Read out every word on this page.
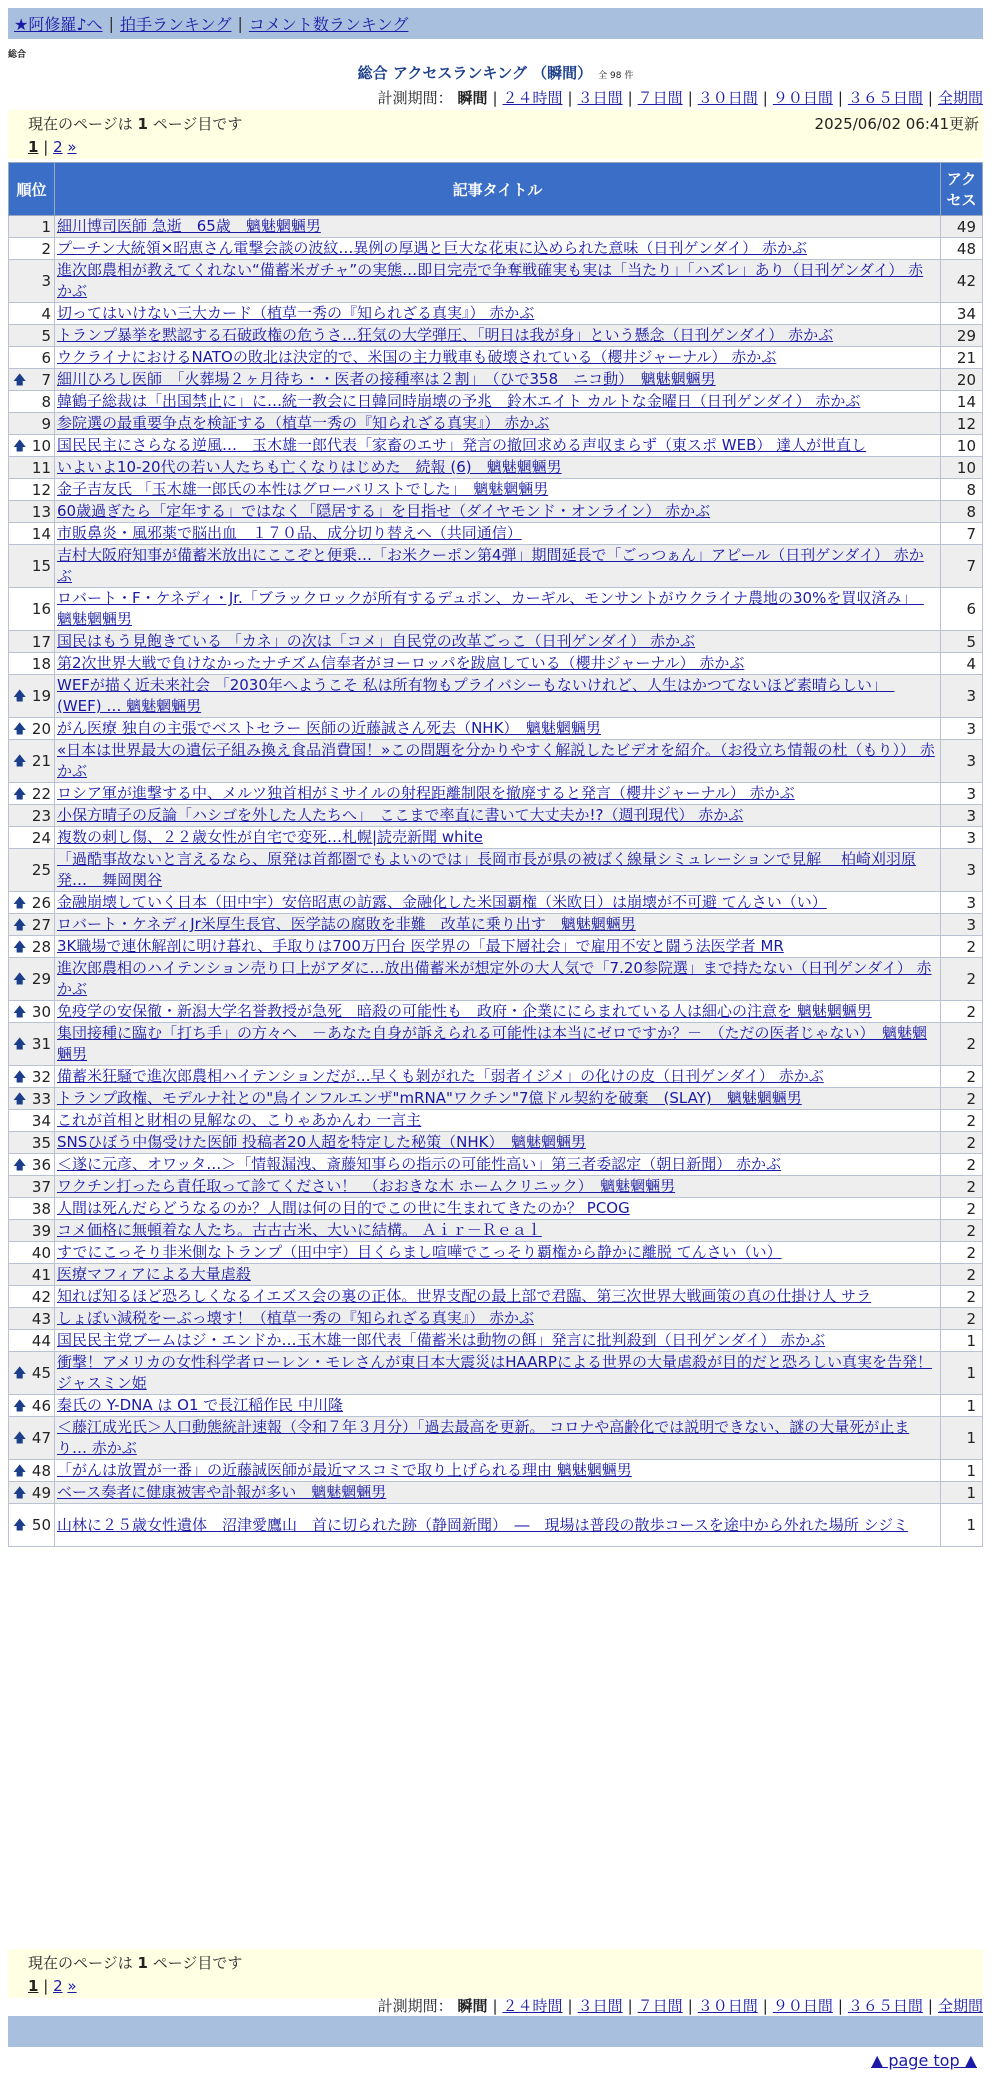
★阿修羅♪へ | 拍手ランキング | コメント数ランキング
総合
総合 アクセスランキング （瞬間） 全 98 件
計測期間： 瞬間 | ２４時間 | ３日間 | ７日間 | ３０日間 | ９０日間 | ３６５日間 | 全期間
現在のページは 1 ページ目です
1 | 2 »
2025/06/02 06:41更新
順位	記事タイトル	アクセス
1	細川博司医師 急逝　65歳　魑魅魍魎男	49
2	プーチン大統領×昭恵さん電撃会談の波紋…異例の厚遇と巨大な花束に込められた意味（日刊ゲンダイ） 赤かぶ	48
3	進次郎農相が教えてくれない“備蓄米ガチャ”の実態…即日完売で争奪戦確実も実は「当たり」「ハズレ」あり（日刊ゲンダイ） 赤かぶ	42
4	切ってはいけない三大カード（植草一秀の『知られざる真実』） 赤かぶ	34
5	トランプ暴挙を黙認する石破政権の危うさ…狂気の大学弾圧、「明日は我が身」という懸念（日刊ゲンダイ） 赤かぶ	29
6	ウクライナにおけるNATOの敗北は決定的で、米国の主力戦車も破壊されている（櫻井ジャーナル） 赤かぶ	21

🡅 7	細川ひろし医師　「火葬場２ヶ月待ち・・医者の接種率は２割」　（ひで358　ニコ動）　魑魅魍魎男	20
8	韓鶴子総裁は「出国禁止に」に…統一教会に日韓同時崩壊の予兆　鈴木エイト カルトな金曜日（日刊ゲンダイ） 赤かぶ	14
9	参院選の最重要争点を検証する（植草一秀の『知られざる真実』） 赤かぶ	12

🡅 10	国民民主にさらなる逆風…　玉木雄一郎代表「家畜のエサ」発言の撤回求める声収まらず（東スポ WEB） 達人が世直し	10
11	いよいよ10-20代の若い人たちも亡くなりはじめた　続報 (6)　魑魅魍魎男	10
12	金子吉友氏 「玉木雄一郎氏の本性はグローバリストでした」　魑魅魍魎男	8
13	60歳過ぎたら「定年する」ではなく「隠居する」を目指せ（ダイヤモンド・オンライン） 赤かぶ	8
14	市販鼻炎・風邪薬で脳出血　１７０品、成分切り替えへ（共同通信）	7
15	吉村大阪府知事が備蓄米放出にここぞと便乗…「お米クーポン第4弾」期間延長で「ごっつぁん」アピール（日刊ゲンダイ） 赤かぶ	7
16	ロバート・F・ケネディ・Jr.「ブラックロックが所有するデュポン、カーギル、モンサントがウクライナ農地の30%を買収済み」　魑魅魍魎男	6
17	国民はもう見飽きている 「カネ」の次は「コメ」自民党の改革ごっこ（日刊ゲンダイ） 赤かぶ	5
18	第2次世界大戦で負けなかったナチズム信奉者がヨーロッパを跋扈している（櫻井ジャーナル） 赤かぶ	4

🡅 19	WEFが描く近未来社会 「2030年へようこそ 私は所有物もプライバシーもないけれど、人生はかつてないほど素晴らしい」　(WEF) … 魑魅魍魎男	3

🡅 20	がん医療 独自の主張でベストセラー 医師の近藤誠さん死去（NHK）　魑魅魍魎男	3

🡅 21	«日本は世界最大の遺伝子組み換え食品消費国！»この問題を分かりやすく解説したビデオを紹介。（お役立ち情報の杜（もり）） 赤かぶ	3

🡅 22	ロシア軍が進撃する中、メルツ独首相がミサイルの射程距離制限を撤廃すると発言（櫻井ジャーナル） 赤かぶ	3
23	小保方晴子の反論「ハシゴを外した人たちへ」　ここまで率直に書いて大丈夫か!?（週刊現代） 赤かぶ	3
24	複数の刺し傷、２２歳女性が自宅で変死…札幌|読売新聞 white	3
25	「過酷事故ないと言えるなら、原発は首都圏でもよいのでは」長岡市長が県の被ばく線量シミュレーションで見解　 柏崎刈羽原発…　舞岡関谷	3

🡅 26	金融崩壊していく日本（田中宇）安倍昭恵の訪露、金融化した米国覇権（米欧日）は崩壊が不可避 てんさい（い）	3

🡅 27	ロバート・ケネディJr米厚生長官、医学誌の腐敗を非難　改革に乗り出す　魑魅魍魎男	3

🡅 28	3K職場で連休解剖に明け暮れ、手取りは700万円台 医学界の「最下層社会」で雇用不安と闘う法医学者 MR	2

🡅 29	進次郎農相のハイテンション売り口上がアダに…放出備蓄米が想定外の大人気で「7.20参院選」まで持たない（日刊ゲンダイ） 赤かぶ	2

🡅 30	免疫学の安保徹・新潟大学名誉教授が急死　暗殺の可能性も　政府・企業ににらまれている人は細心の注意を 魑魅魍魎男	2

🡅 31	集団接種に臨む「打ち手」の方々へ　－あなた自身が訴えられる可能性は本当にゼロですか？－　（ただの医者じゃない）　魑魅魍魎男	2

🡅 32	備蓄米狂騒で進次郎農相ハイテンションだが…早くも剝がれた「弱者イジメ」の化けの皮（日刊ゲンダイ） 赤かぶ	2

🡅 33	トランプ政権、モデルナ社との"鳥インフルエンザ"mRNA"ワクチン"7億ドル契約を破棄　(SLAY)　魑魅魍魎男	2
34	これが首相と財相の見解なの、こりゃあかんわ 一言主	2
35	SNSひぼう中傷受けた医師 投稿者20人超を特定した秘策（NHK）　魑魅魍魎男	2

🡅 36	＜遂に元彦、オワッタ…＞「情報漏洩、斎藤知事らの指示の可能性高い」第三者委認定（朝日新聞） 赤かぶ	2
37	ワクチン打ったら責任取って診てください！　（おおきな木 ホームクリニック）　魑魅魍魎男	2
38	人間は死んだらどうなるのか？人間は何の目的でこの世に生まれてきたのか？ PCOG	2
39	コメ価格に無頓着な人たち。古古古米、大いに結構。 Ａｉｒ－Ｒｅａｌ	2
40	すでにこっそり非米側なトランプ（田中宇）目くらまし喧嘩でこっそり覇権から静かに離脱 てんさい（い）	2
41	医療マフィアによる大量虐殺	2
42	知れば知るほど恐ろしくなるイエズス会の裏の正体。世界支配の最上部で君臨、第三次世界大戦画策の真の仕掛け人 サラ	2
43	しょぼい減税をーぶっ壊す！（植草一秀の『知られざる真実』） 赤かぶ	2
44	国民民主党ブームはジ・エンドか…玉木雄一郎代表「備蓄米は動物の餌」発言に批判殺到（日刊ゲンダイ） 赤かぶ	1

🡅 45	衝撃！アメリカの女性科学者ローレン・モレさんが東日本大震災はHAARPによる世界の大量虐殺が目的だと恐ろしい真実を告発！ ジャスミン姫	1

🡅 46	秦氏の Y-DNA は O1 で長江稲作民 中川隆	1

🡅 47	＜藤江成光氏＞人口動態統計速報（令和７年３月分）「過去最高を更新。 コロナや高齢化では説明できない、謎の大量死が止まり… 赤かぶ	1

🡅 48	「がんは放置が一番」の近藤誠医師が最近マスコミで取り上げられる理由 魑魅魍魎男	1

🡅 49	ベース奏者に健康被害や訃報が多い　魑魅魍魎男	1

🡅 50	山林に２５歳女性遺体　沼津愛鷹山　首に切られた跡（静岡新聞）　―　現場は普段の散歩コースを途中から外れた場所 シジミ	1
現在のページは 1 ページ目です
1 | 2 »
計測期間： 瞬間 | ２４時間 | ３日間 | ７日間 | ３０日間 | ９０日間 | ３６５日間 | 全期間
▲ page top ▲
